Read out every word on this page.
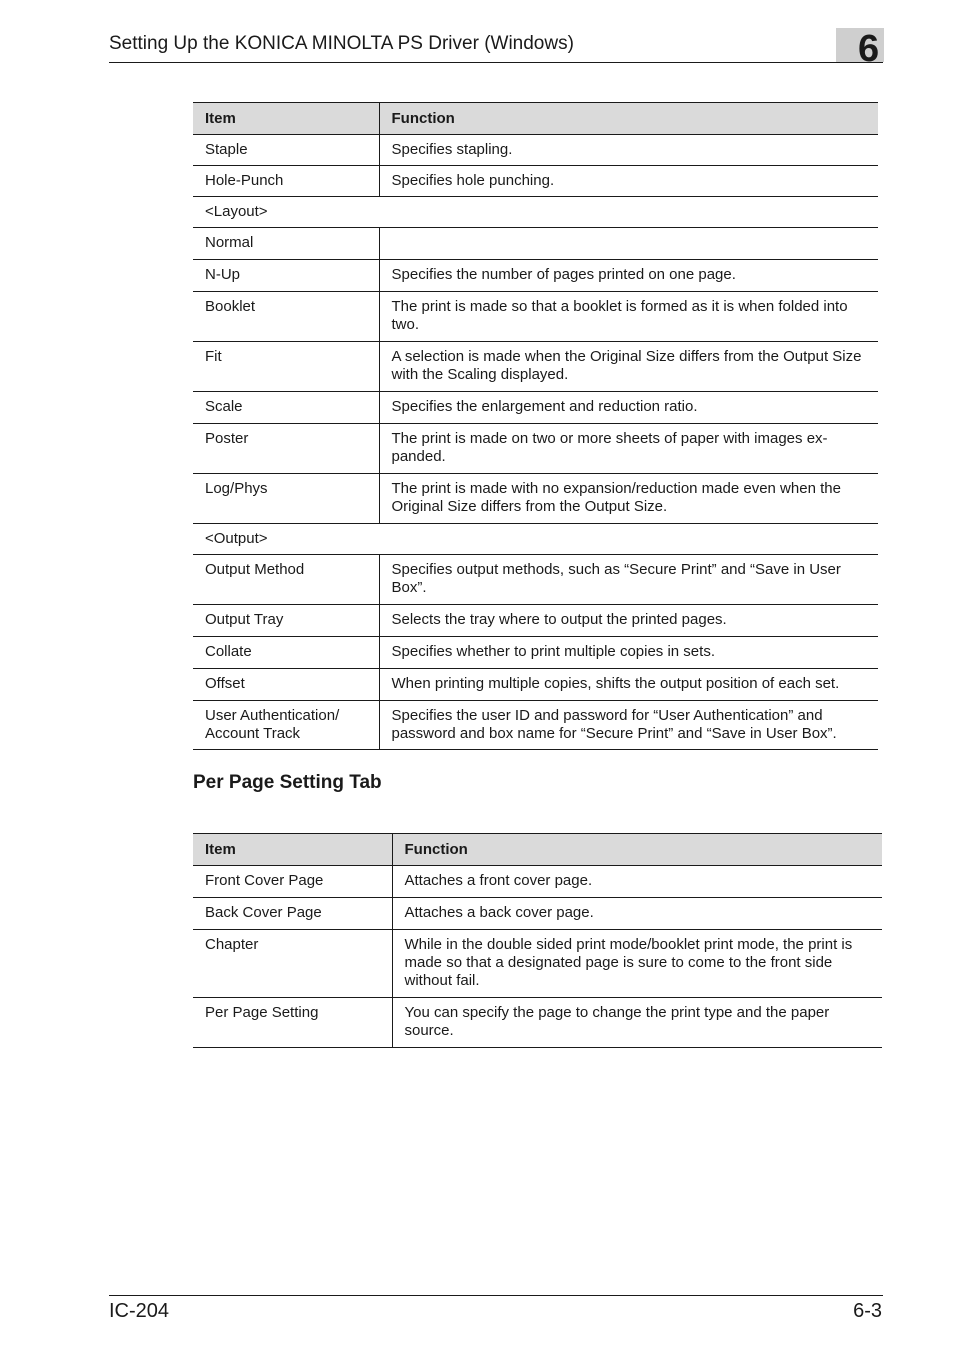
Setting Up the KONICA MINOLTA PS Driver (Windows)	6
Item	Function
Staple	Specifies stapling.
Hole-Punch	Specifies hole punching.
<Layout>	
Normal	
N-Up	Specifies the number of pages printed on one page.
Booklet	The print is made so that a booklet is formed as it is when folded into two.
Fit	A selection is made when the Original Size differs from the Output Size with the Scaling displayed.
Scale	Specifies the enlargement and reduction ratio.
Poster	The print is made on two or more sheets of paper with images ex-panded.
Log/Phys	The print is made with no expansion/reduction made even when the Original Size differs from the Output Size.
<Output>	
Output Method	Specifies output methods, such as “Secure Print” and “Save in User Box”.
Output Tray	Selects the tray where to output the printed pages.
Collate	Specifies whether to print multiple copies in sets.
Offset	When printing multiple copies, shifts the output position of each set.
User Authentication/ Account Track	Specifies the user ID and password for “User Authentication” and password and box name for “Secure Print” and “Save in User Box”.
Per Page Setting Tab
Item	Function
Front Cover Page	Attaches a front cover page.
Back Cover Page	Attaches a back cover page.
Chapter	While in the double sided print mode/booklet print mode, the print is made so that a designated page is sure to come to the front side without fail.
Per Page Setting	You can specify the page to change the print type and the paper source.
IC-204	6-3
